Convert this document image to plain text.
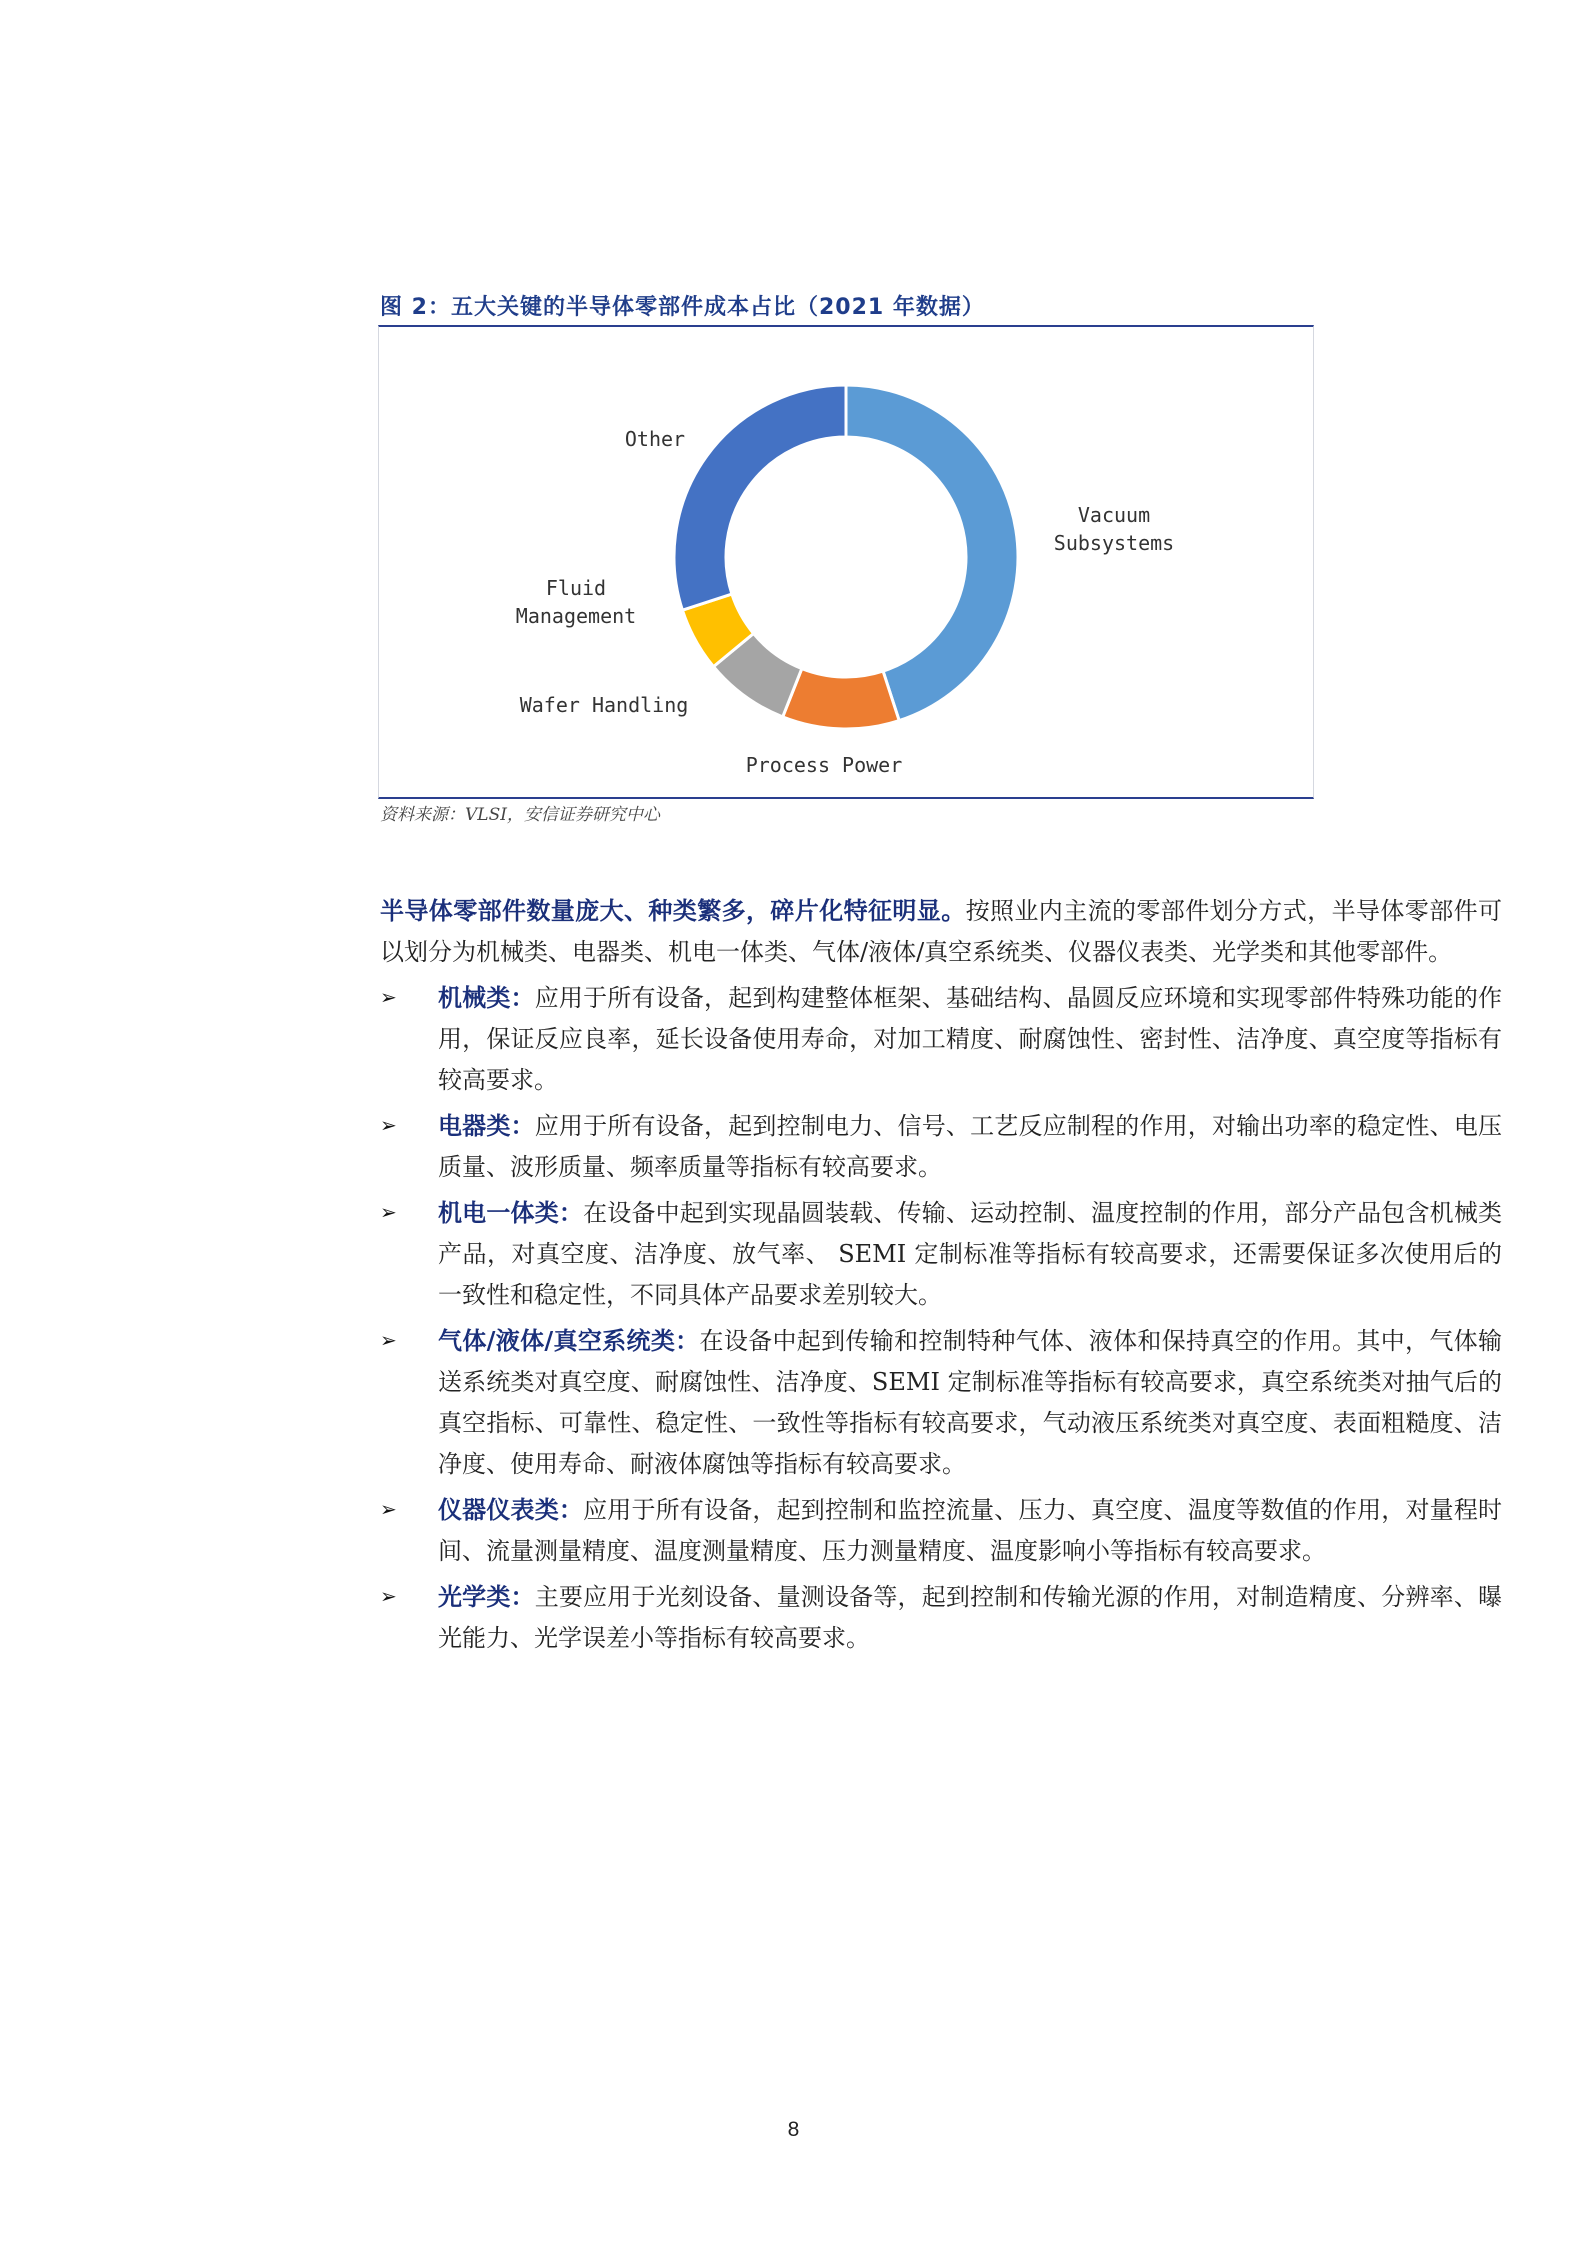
图 2：五大关键的半导体零部件成本占比（2021 年数据）
Vacuum Subsystems
Process Power
Wafer Handling
Fluid Management
Other
资料来源：VLSI，安信证券研究中心

半导体零部件数量庞大、种类繁多，碎片化特征明显。按照业内主流的零部件划分方式，半导体零部件可以划分为机械类、电器类、机电一体类、气体/液体/真空系统类、仪器仪表类、光学类和其他零部件。

➢	机械类：应用于所有设备，起到构建整体框架、基础结构、晶圆反应环境和实现零部件特殊功能的作用，保证反应良率，延长设备使用寿命，对加工精度、耐腐蚀性、密封性、洁净度、真空度等指标有较高要求。

➢	电器类：应用于所有设备，起到控制电力、信号、工艺反应制程的作用，对输出功率的稳定性、电压质量、波形质量、频率质量等指标有较高要求。

➢	机电一体类：在设备中起到实现晶圆装载、传输、运动控制、温度控制的作用，部分产品包含机械类产品，对真空度、洁净度、放气率、 SEMI 定制标准等指标有较高要求，还需要保证多次使用后的一致性和稳定性，不同具体产品要求差别较大。

➢	气体/液体/真空系统类：在设备中起到传输和控制特种气体、液体和保持真空的作用。其中，气体输送系统类对真空度、耐腐蚀性、洁净度、SEMI 定制标准等指标有较高要求，真空系统类对抽气后的真空指标、可靠性、稳定性、一致性等指标有较高要求，气动液压系统类对真空度、表面粗糙度、洁净度、使用寿命、耐液体腐蚀等指标有较高要求。

➢	仪器仪表类：应用于所有设备，起到控制和监控流量、压力、真空度、温度等数值的作用，对量程时间、流量测量精度、温度测量精度、压力测量精度、温度影响小等指标有较高要求。

➢	光学类：主要应用于光刻设备、量测设备等，起到控制和传输光源的作用，对制造精度、分辨率、曝光能力、光学误差小等指标有较高要求。

8
